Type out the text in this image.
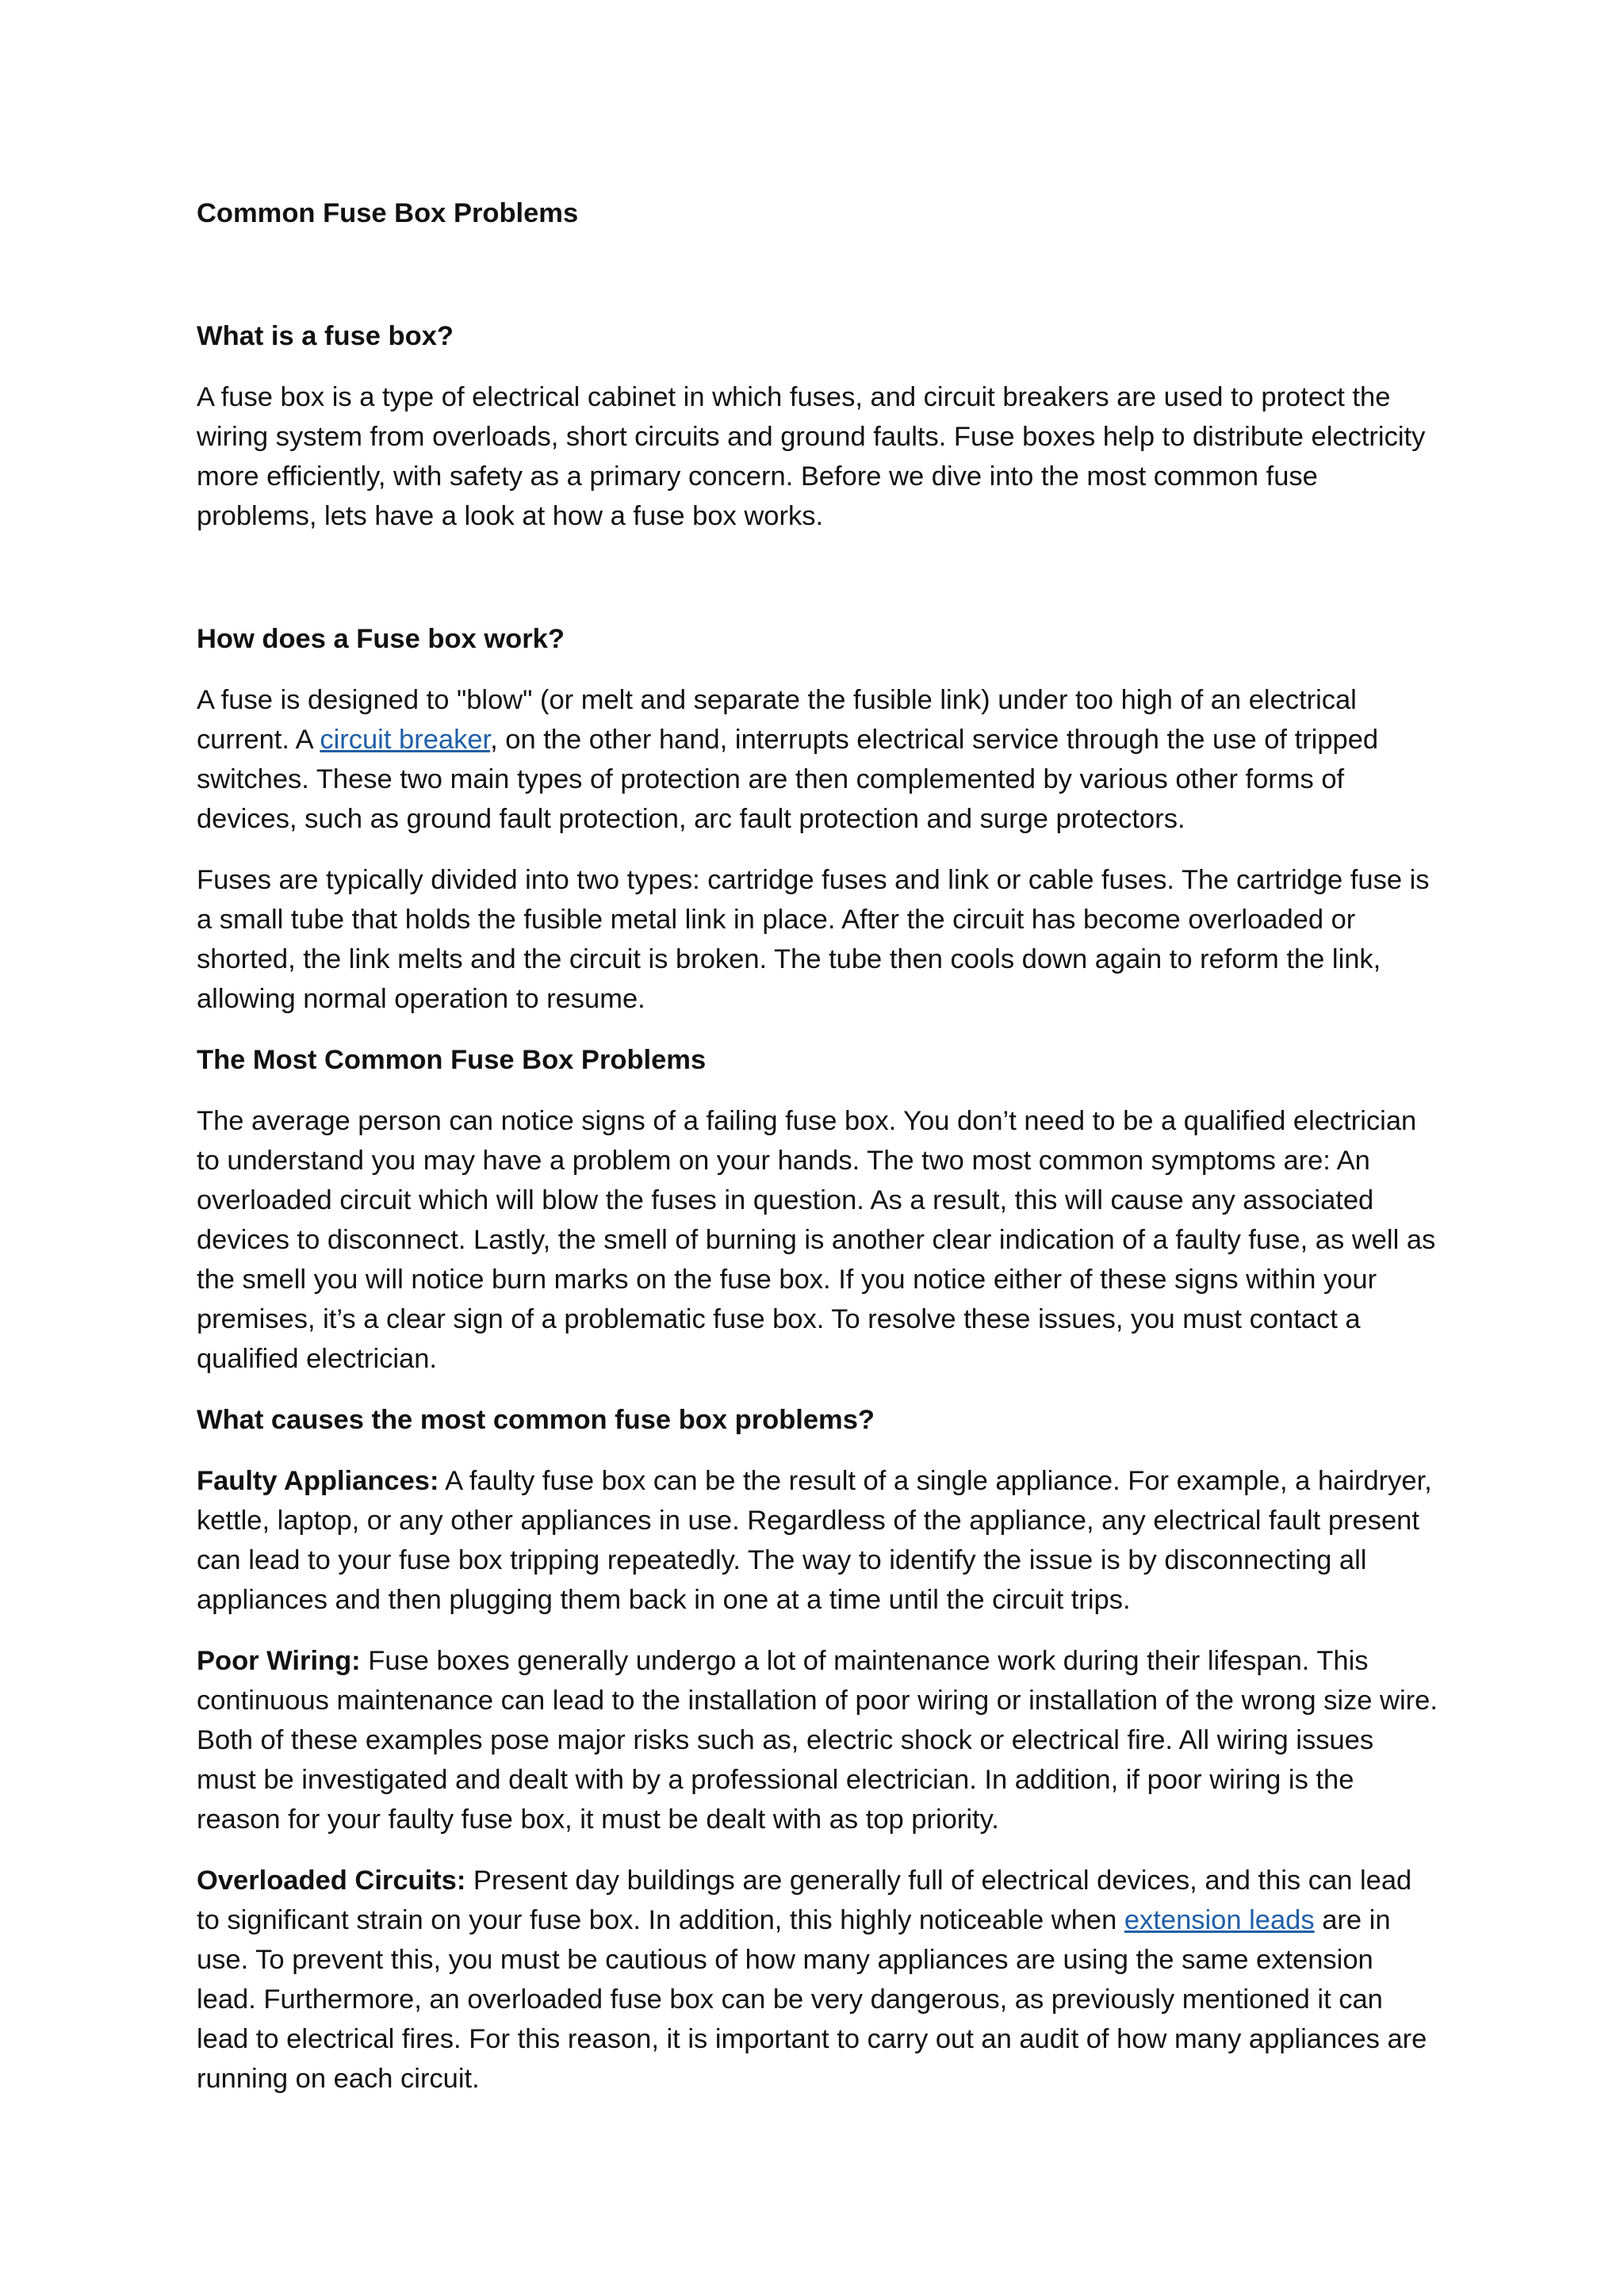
Common Fuse Box Problems

What is a fuse box?

A fuse box is a type of electrical cabinet in which fuses, and circuit breakers are used to protect the wiring system from overloads, short circuits and ground faults. Fuse boxes help to distribute electricity more efficiently, with safety as a primary concern. Before we dive into the most common fuse problems, lets have a look at how a fuse box works.

How does a Fuse box work?

A fuse is designed to "blow" (or melt and separate the fusible link) under too high of an electrical current. A circuit breaker, on the other hand, interrupts electrical service through the use of tripped switches. These two main types of protection are then complemented by various other forms of devices, such as ground fault protection, arc fault protection and surge protectors.

Fuses are typically divided into two types: cartridge fuses and link or cable fuses. The cartridge fuse is a small tube that holds the fusible metal link in place. After the circuit has become overloaded or shorted, the link melts and the circuit is broken. The tube then cools down again to reform the link, allowing normal operation to resume.

The Most Common Fuse Box Problems

The average person can notice signs of a failing fuse box. You don’t need to be a qualified electrician to understand you may have a problem on your hands. The two most common symptoms are: An overloaded circuit which will blow the fuses in question. As a result, this will cause any associated devices to disconnect. Lastly, the smell of burning is another clear indication of a faulty fuse, as well as the smell you will notice burn marks on the fuse box. If you notice either of these signs within your premises, it’s a clear sign of a problematic fuse box. To resolve these issues, you must contact a qualified electrician.

What causes the most common fuse box problems?

Faulty Appliances: A faulty fuse box can be the result of a single appliance. For example, a hairdryer, kettle, laptop, or any other appliances in use. Regardless of the appliance, any electrical fault present can lead to your fuse box tripping repeatedly. The way to identify the issue is by disconnecting all appliances and then plugging them back in one at a time until the circuit trips.

Poor Wiring: Fuse boxes generally undergo a lot of maintenance work during their lifespan. This continuous maintenance can lead to the installation of poor wiring or installation of the wrong size wire. Both of these examples pose major risks such as, electric shock or electrical fire. All wiring issues must be investigated and dealt with by a professional electrician. In addition, if poor wiring is the reason for your faulty fuse box, it must be dealt with as top priority.

Overloaded Circuits: Present day buildings are generally full of electrical devices, and this can lead to significant strain on your fuse box. In addition, this highly noticeable when extension leads are in use. To prevent this, you must be cautious of how many appliances are using the same extension lead. Furthermore, an overloaded fuse box can be very dangerous, as previously mentioned it can lead to electrical fires. For this reason, it is important to carry out an audit of how many appliances are running on each circuit.
